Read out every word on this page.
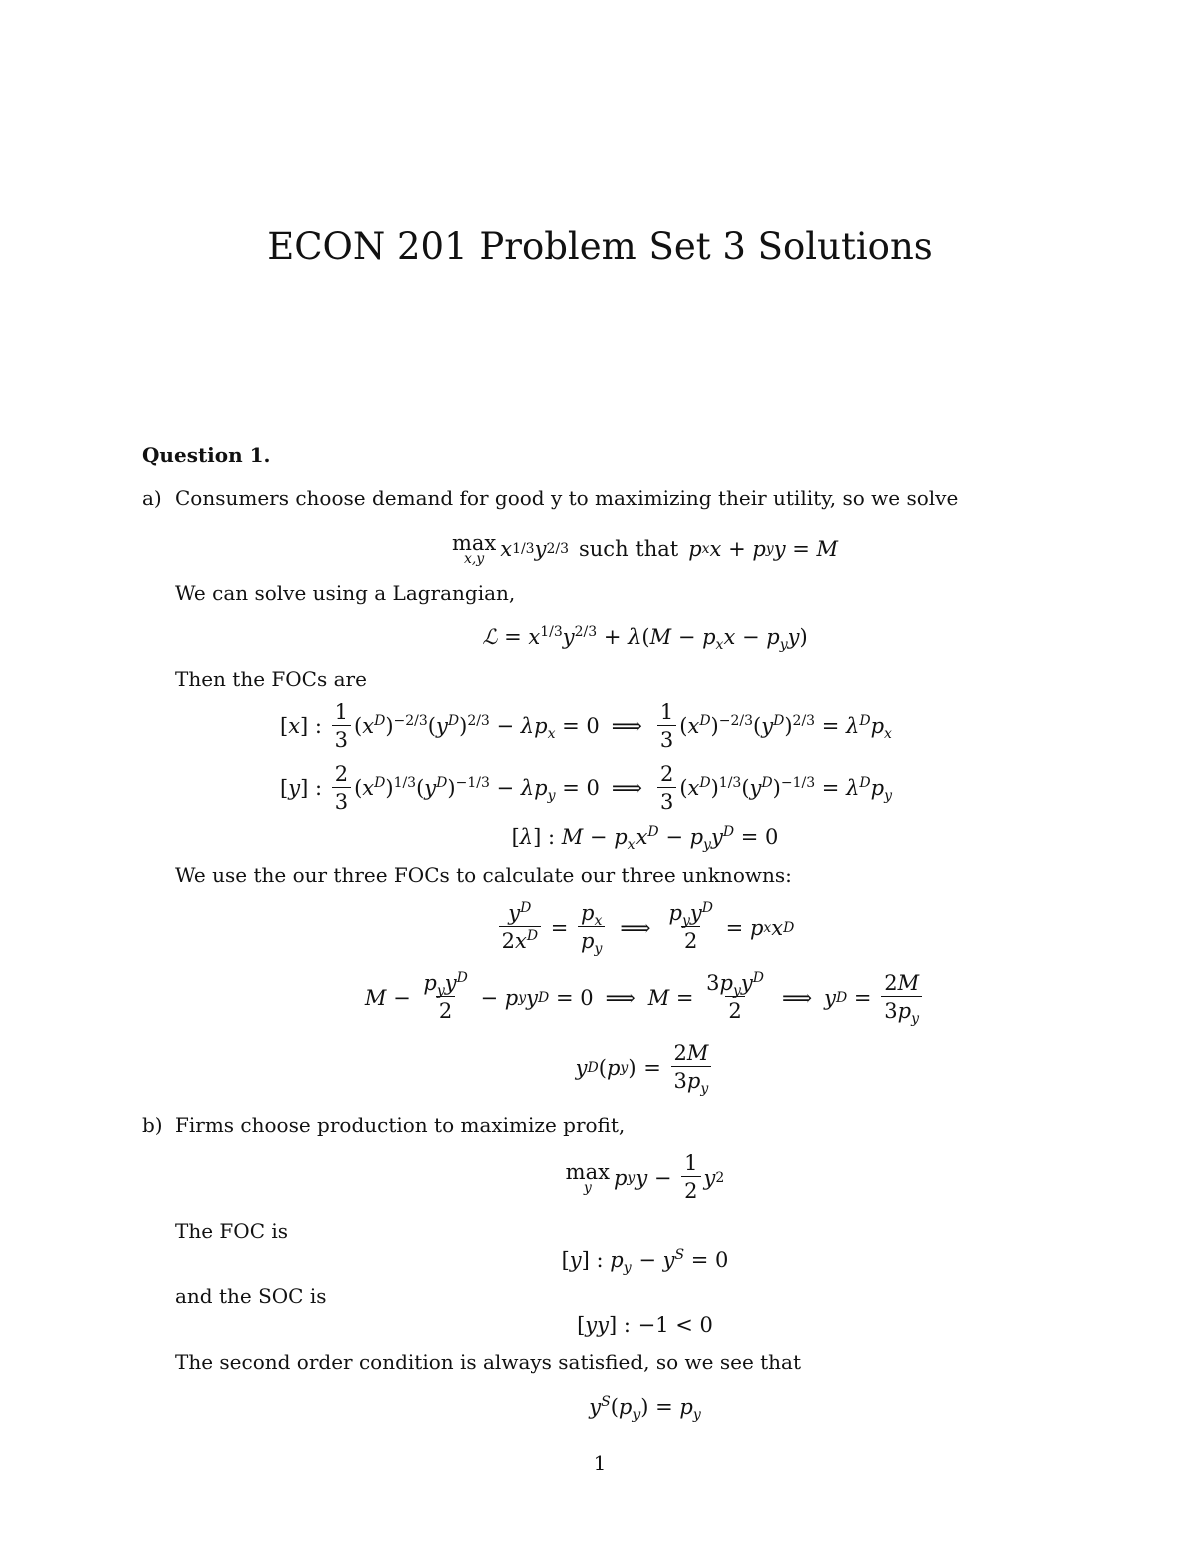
ECON 201 Problem Set 3 Solutions
Question 1.
a) Consumers choose demand for good y to maximizing their utility, so we solve
max
x,y x 1/3 y 2/3 such that p x x + p y y = M
We can solve using a Lagrangian,
ℒ = $x^{1/3}y^{2/3} + \lambda(M - p_xx - p_yy)$
Then the FOCs are
[x] : $\frac{1}{3} (x^D)^{-2/3}(y^D)^{2/3} - \lambda p_x = 0$ ⟹ $\frac{1}{3} (x^D)^{-2/3}(y^D)^{2/3} = \lambda^Dp_x$
[y] : $\frac{2}{3} (x^D)^{1/3}(y^D)^{-1/3} - \lambda p_y = 0$ ⟹ $\frac{2}{3} (x^D)^{1/3}(y^D)^{-1/3} = \lambda^Dp_y$
[λ] : $M - p_xx^D - p_yy^D = 0$
We use the our three FOCs to calculate our three unknowns:
$\frac{y^D}{2x^D} = \frac{p_x}{p_y}$ ⟹ $\frac{p_yy^D}{2} = p$ x x D
$M - \frac{p_yy^D}{2} - p$ y y D = 0 ⟹ $M = \frac{3p_yy^D}{2}$ ⟹ y $D = \frac{2M}{3p_y}$
y D ( p y ) = $\frac{2M}{3p_y}$
b) Firms choose production to maximize profit,
max
y p y $y - \frac{1}{2}$ y 2
The FOC is
[y] : $p_y - y^S = 0$
and the SOC is
[yy] : −1 < 0
The second order condition is always satisfied, so we see that
$y^S(p_y) = p_y$
1
